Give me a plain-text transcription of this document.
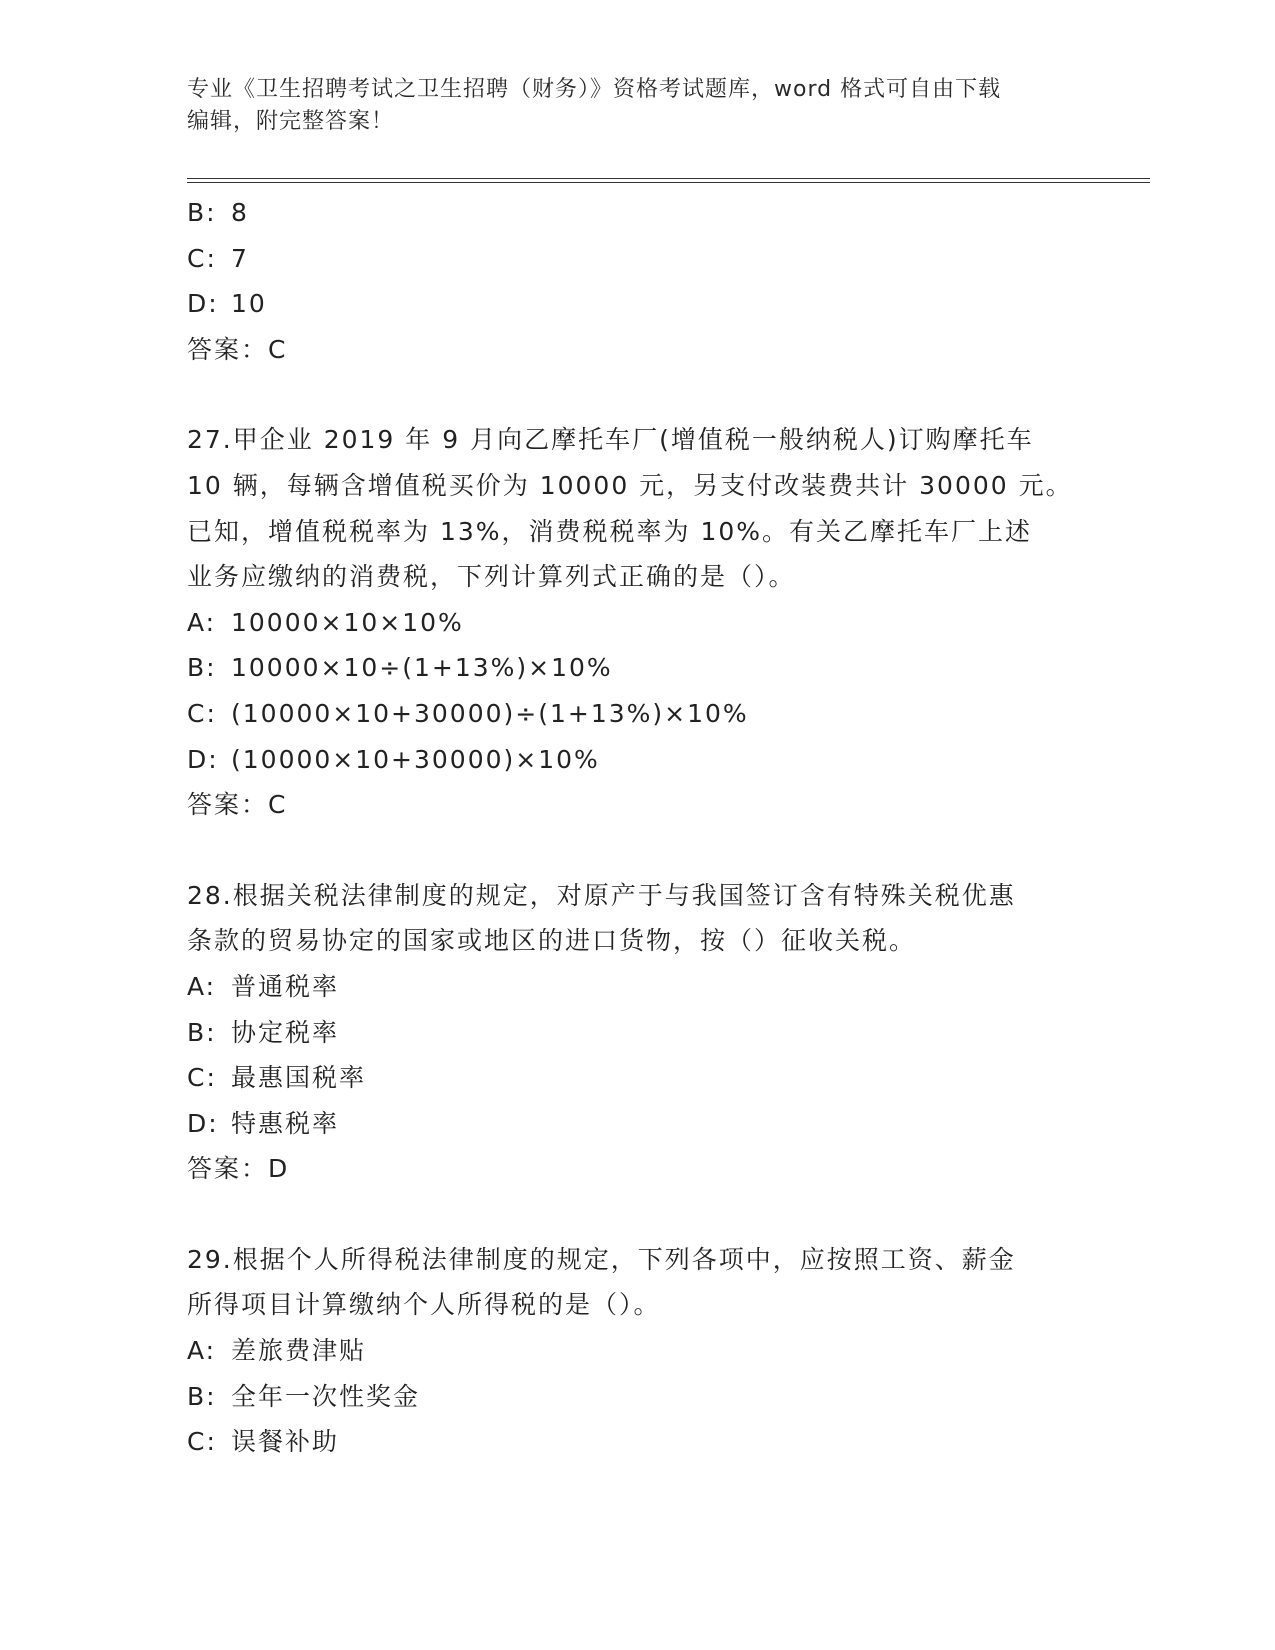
专业《卫生招聘考试之卫生招聘（财务）》资格考试题库，word 格式可自由下载
编辑，附完整答案！
B: 8
C: 7
D: 10
答案：C
27.甲企业 2019 年 9 月向乙摩托车厂(增值税一般纳税人)订购摩托车
10 辆，每辆含增值税买价为 10000 元，另支付改装费共计 30000 元。
已知，增值税税率为 13%，消费税税率为 10%。有关乙摩托车厂上述
业务应缴纳的消费税，下列计算列式正确的是（）。
A: 10000×10×10%
B: 10000×10÷(1+13%)×10%
C: (10000×10+30000)÷(1+13%)×10%
D: (10000×10+30000)×10%
答案：C
28.根据关税法律制度的规定，对原产于与我国签订含有特殊关税优惠
条款的贸易协定的国家或地区的进口货物，按（）征收关税。
A: 普通税率
B: 协定税率
C: 最惠国税率
D: 特惠税率
答案：D
29.根据个人所得税法律制度的规定，下列各项中，应按照工资、薪金
所得项目计算缴纳个人所得税的是（）。
A: 差旅费津贴
B: 全年一次性奖金
C: 误餐补助
